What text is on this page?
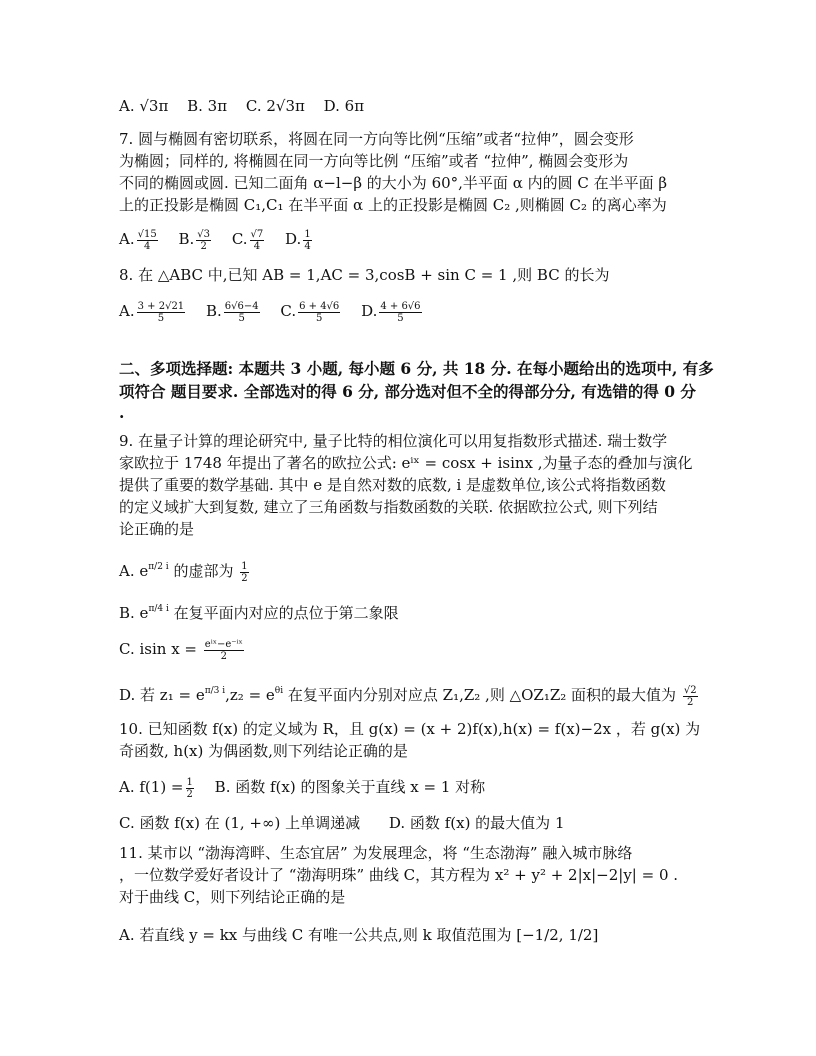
A. √3π B. 3π C. 2√3π D. 6π
7. 圆与椭圆有密切联系，将圆在同一方向等比例“压缩”或者“拉伸”，圆会变形
为椭圆；同样的, 将椭圆在同一方向等比例 “压缩”或者 “拉伸”, 椭圆会变形为
不同的椭圆或圆. 已知二面角 α−l−β 的大小为 60°,半平面 α 内的圆 C 在半平面 β
上的正投影是椭圆 C₁,C₁ 在半平面 α 上的正投影是椭圆 C₂ ,则椭圆 C₂ 的离心率为
A. $\frac{√15}{4} B$. $\frac{√3}{2} C$. $\frac{√7}{4} D$. $\frac{1}{4}$
8. 在 △ABC 中,已知 AB = 1,AC = 3,cosB + sin C = 1 ,则 BC 的长为
A. $\frac{3 + 2√21}{5} B$. $\frac{6√6-4}{5} C$. $\frac{6 + 4√6}{5} D$. $\frac{4 + 6√6}{5}$
二、多项选择题: 本题共 3 小题, 每小题 6 分, 共 18 分. 在每小题给出的选项中, 有多
项符合 题目要求. 全部选对的得 6 分, 部分选对但不全的得部分分, 有选错的得 0 分
.
9. 在量子计算的理论研究中, 量子比特的相位演化可以用复指数形式描述. 瑞士数学
家欧拉于 1748 年提出了著名的欧拉公式: eⁱˣ = cosx + isinx ,为量子态的叠加与演化
提供了重要的数学基础. 其中 e 是自然对数的底数, i 是虚数单位,该公式将指数函数
的定义域扩大到复数, 建立了三角函数与指数函数的关联. 依据欧拉公式, 则下列结
论正确的是
A. $e^{\pi/2 i}$ 的虚部为 $\frac{1}{2}$
B. $e^{\pi/4 i}$ 在复平面内对应的点位于第二象限
C. isin $x = \frac{\text{eⁱˣ−e⁻ⁱˣ}}{2}$
D. 若 $z_1 = e^{\pi/3 i},z_2 = e^{\theta i}$ 在复平面内分别对应点 Z₁,Z₂ ,则 △OZ₁Z₂ 面积的最大值为 $\frac{√2}{2}$
10. 已知函数 f(x) 的定义域为 R，且 g(x) = (x + 2)f(x),h(x) = f(x)−2x ，若 g(x) 为
奇函数, h(x) 为偶函数,则下列结论正确的是
A. $f(1) = \frac{1}{2} B$. 函数 f(x) 的图象关于直线 x = 1 对称
C. 函数 f(x) 在 (1, +∞) 上单调递减 D. 函数 f(x) 的最大值为 1
11. 某市以 “渤海湾畔、生态宜居” 为发展理念，将 “生态渤海” 融入城市脉络
，一位数学爱好者设计了 “渤海明珠” 曲线 C，其方程为 x² + y² + 2|x|−2|y| = 0 .
对于曲线 C，则下列结论正确的是
A. 若直线 y = kx 与曲线 C 有唯一公共点,则 k 取值范围为 [−1/2, 1/2]
